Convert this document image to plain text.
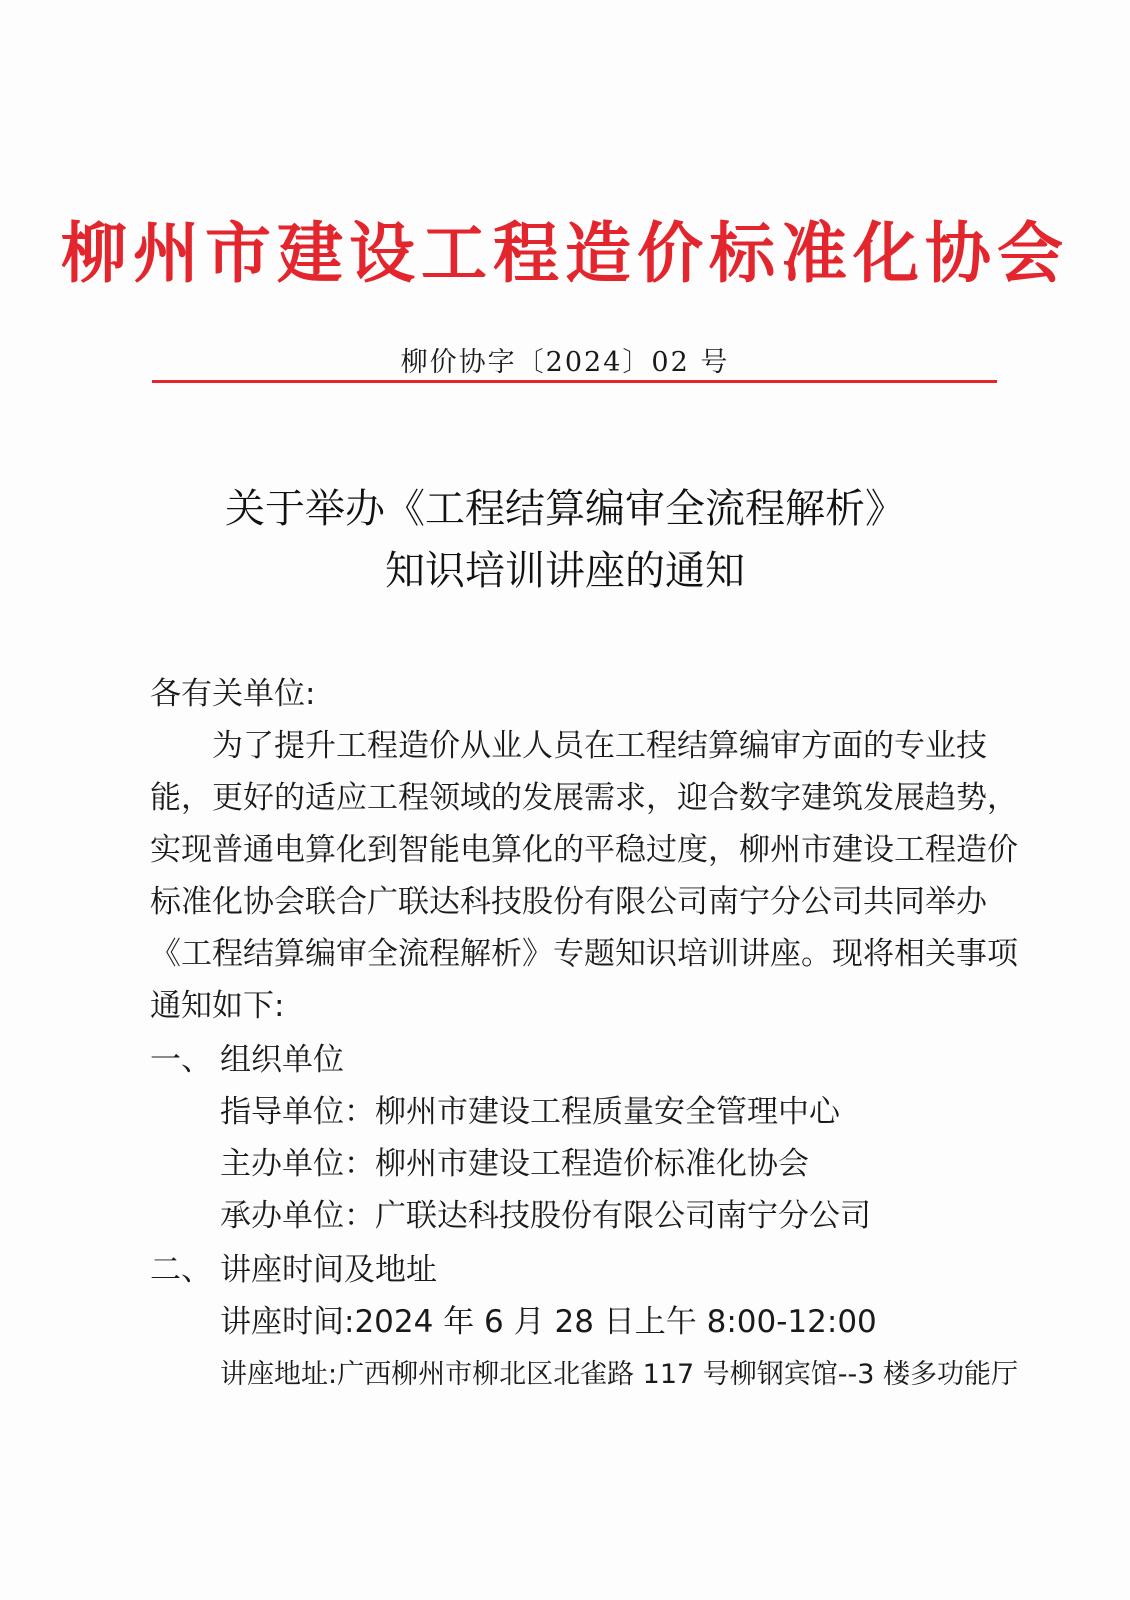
柳州市建设工程造价标准化协会
柳价协字〔2024〕02 号
关于举办《工程结算编审全流程解析》
知识培训讲座的通知
各有关单位:
为了提升工程造价从业人员在工程结算编审方面的专业技
能，更好的适应工程领域的发展需求，迎合数字建筑发展趋势，
实现普通电算化到智能电算化的平稳过度，柳州市建设工程造价
标准化协会联合广联达科技股份有限公司南宁分公司共同举办
《工程结算编审全流程解析》专题知识培训讲座。现将相关事项
通知如下:
一、 组织单位
指导单位：柳州市建设工程质量安全管理中心
主办单位：柳州市建设工程造价标准化协会
承办单位：广联达科技股份有限公司南宁分公司
二、 讲座时间及地址
讲座时间:2024 年 6 月 28 日上午 8:00-12:00
讲座地址:广西柳州市柳北区北雀路 117 号柳钢宾馆--3 楼多功能厅
